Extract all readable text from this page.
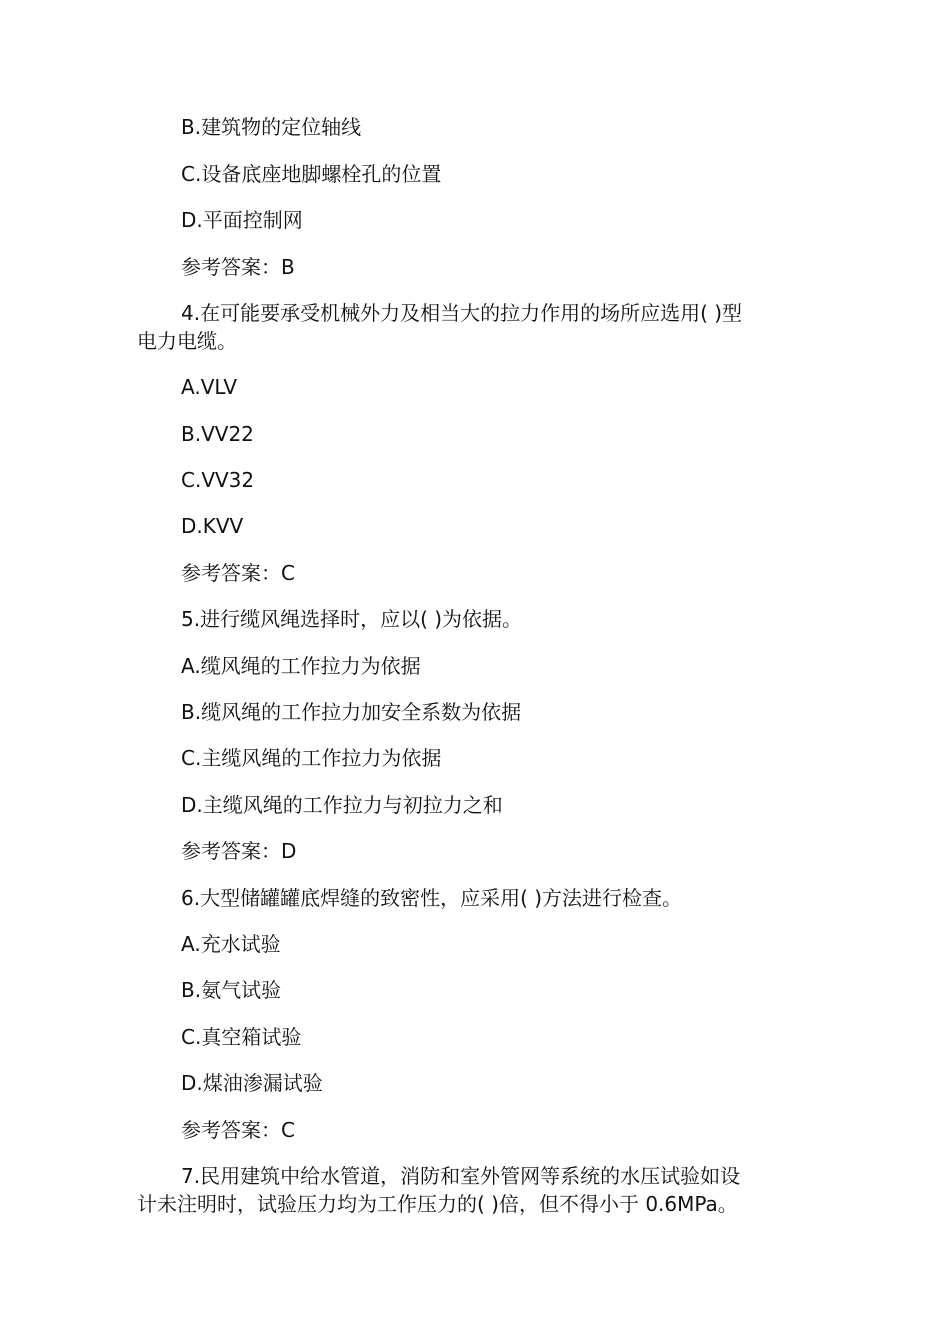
B.建筑物的定位轴线
C.设备底座地脚螺栓孔的位置
D.平面控制网
参考答案：B
4.在可能要承受机械外力及相当大的拉力作用的场所应选用( )型
电力电缆。
A.VLV
B.VV22
C.VV32
D.KVV
参考答案：C
5.进行缆风绳选择时，应以( )为依据。
A.缆风绳的工作拉力为依据
B.缆风绳的工作拉力加安全系数为依据
C.主缆风绳的工作拉力为依据
D.主缆风绳的工作拉力与初拉力之和
参考答案：D
6.大型储罐罐底焊缝的致密性，应采用( )方法进行检查。
A.充水试验
B.氨气试验
C.真空箱试验
D.煤油渗漏试验
参考答案：C
7.民用建筑中给水管道，消防和室外管网等系统的水压试验如设
计未注明时，试验压力均为工作压力的( )倍，但不得小于 0.6MPa。
